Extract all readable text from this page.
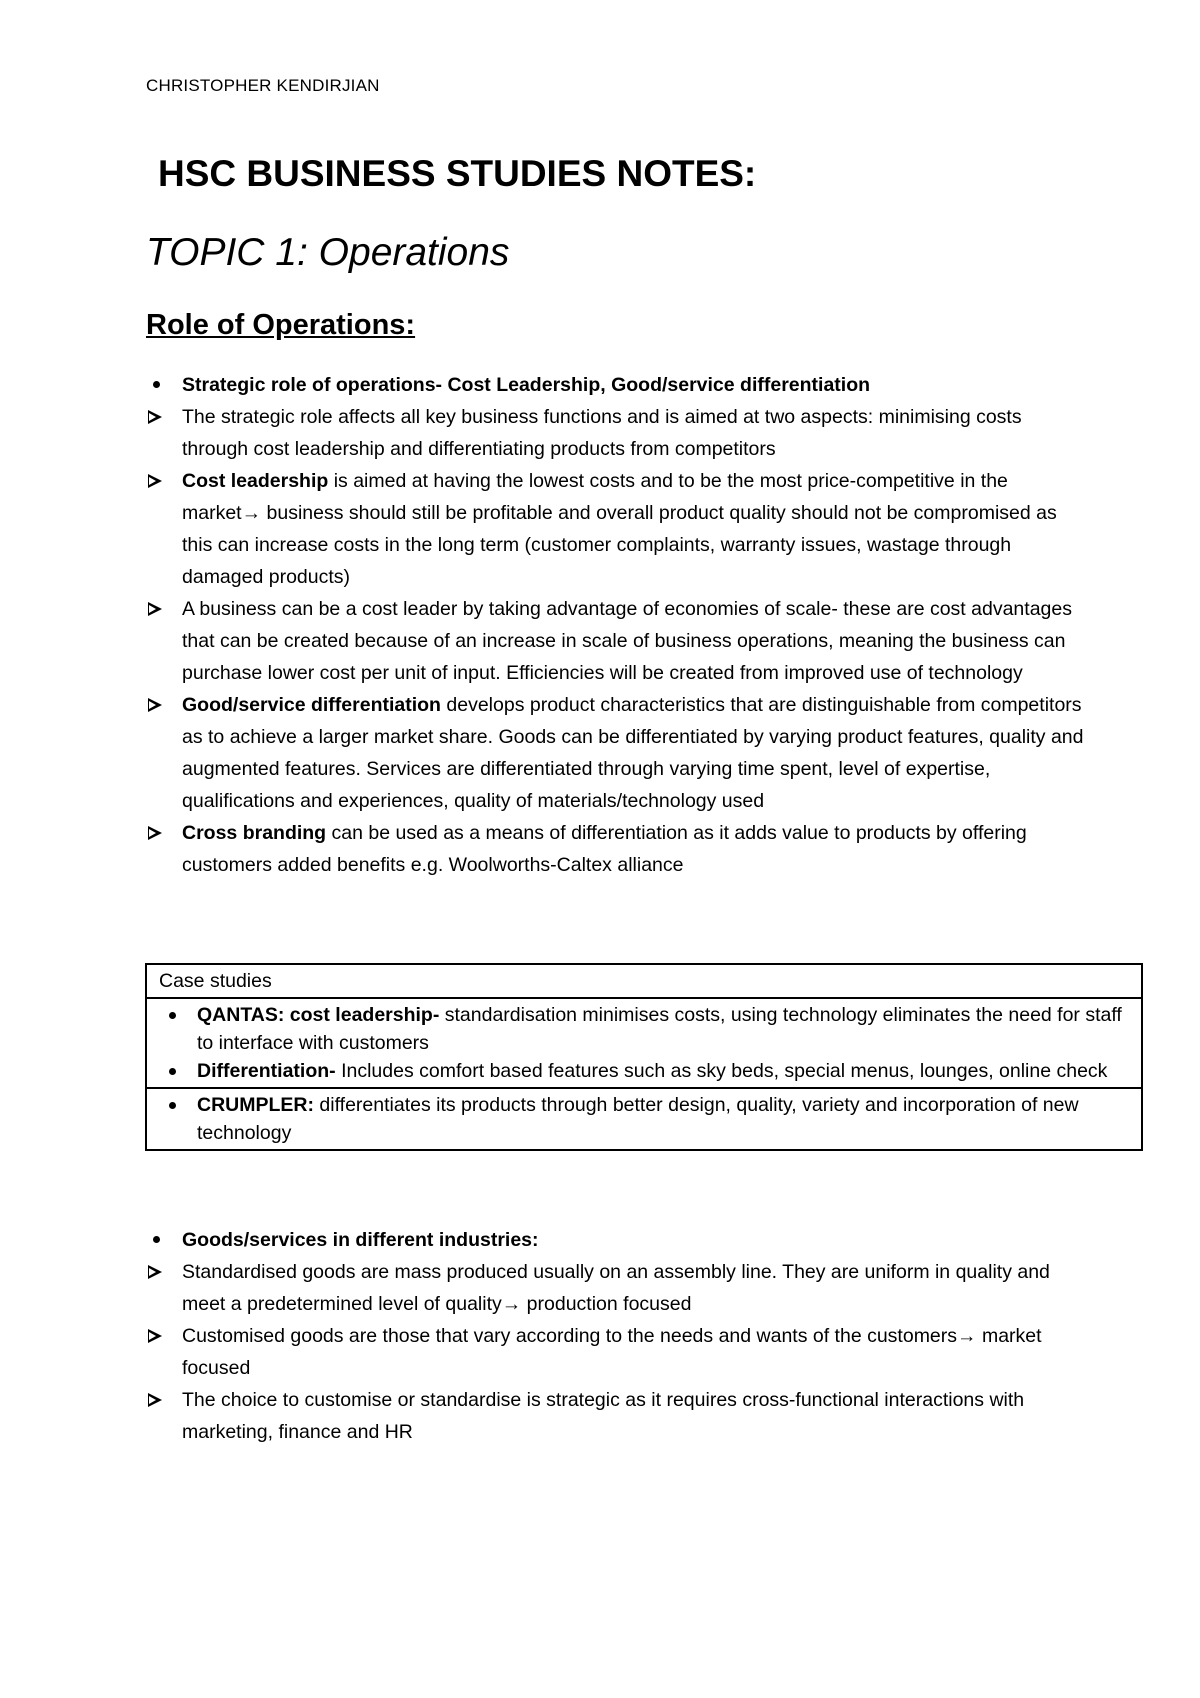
CHRISTOPHER KENDIRJIAN
HSC BUSINESS STUDIES NOTES:
TOPIC 1: Operations
Role of Operations:
Strategic role of operations- Cost Leadership, Good/service differentiation
The strategic role affects all key business functions and is aimed at two aspects: minimising costs through cost leadership and differentiating products from competitors
Cost leadership is aimed at having the lowest costs and to be the most price-competitive in the market→ business should still be profitable and overall product quality should not be compromised as this can increase costs in the long term (customer complaints, warranty issues, wastage through damaged products)
A business can be a cost leader by taking advantage of economies of scale- these are cost advantages that can be created because of an increase in scale of business operations, meaning the business can purchase lower cost per unit of input. Efficiencies will be created from improved use of technology
Good/service differentiation develops product characteristics that are distinguishable from competitors as to achieve a larger market share. Goods can be differentiated by varying product features, quality and augmented features. Services are differentiated through varying time spent, level of expertise, qualifications and experiences, quality of materials/technology used
Cross branding can be used as a means of differentiation as it adds value to products by offering customers added benefits e.g. Woolworths-Caltex alliance
Case studies
QANTAS: cost leadership- standardisation minimises costs, using technology eliminates the need for staff to interface with customers
Differentiation- Includes comfort based features such as sky beds, special menus, lounges, online check
CRUMPLER: differentiates its products through better design, quality, variety and incorporation of new technology
Goods/services in different industries:
Standardised goods are mass produced usually on an assembly line. They are uniform in quality and meet a predetermined level of quality→ production focused
Customised goods are those that vary according to the needs and wants of the customers→ market focused
The choice to customise or standardise is strategic as it requires cross-functional interactions with marketing, finance and HR
